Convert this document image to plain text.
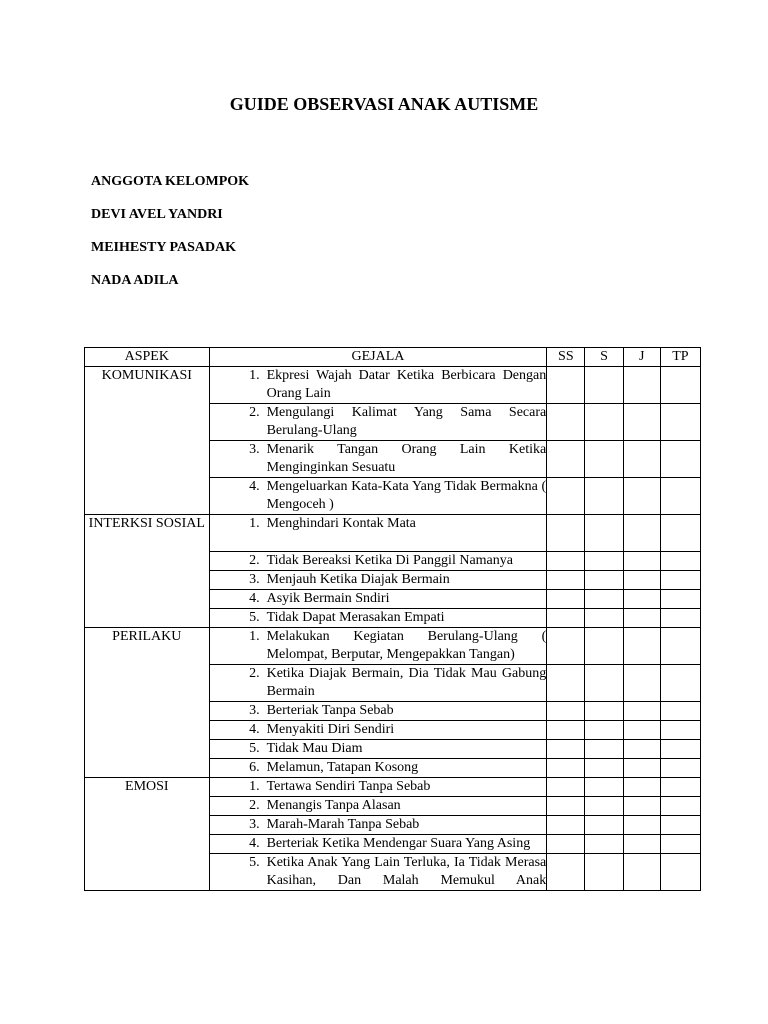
GUIDE OBSERVASI ANAK AUTISME
ANGGOTA KELOMPOK
DEVI AVEL YANDRI
MEIHESTY PASADAK
NADA ADILA
ASPEK	GEJALA	SS	S	J	TP
KOMUNIKASI	1. Ekpresi Wajah Datar Ketika Berbicara Dengan Orang Lain				

	2. Mengulangi Kalimat Yang Sama Secara Berulang-Ulang				

	3. Menarik Tangan Orang Lain Ketika Menginginkan Sesuatu				

	4. Mengeluarkan Kata-Kata Yang Tidak Bermakna ( Mengoceh )				

INTERKSI SOSIAL	1. Menghindari Kontak Mata				

	2. Tidak Bereaksi Ketika Di Panggil Namanya				

	3. Menjauh Ketika Diajak Bermain				

	4. Asyik Bermain Sndiri				

	5. Tidak Dapat Merasakan Empati				

PERILAKU	1. Melakukan Kegiatan Berulang-Ulang ( Melompat, Berputar, Mengepakkan Tangan)				

	2. Ketika Diajak Bermain, Dia Tidak Mau Gabung Bermain				

	3. Berteriak Tanpa Sebab				

	4. Menyakiti Diri Sendiri				

	5. Tidak Mau Diam				

	6. Melamun, Tatapan Kosong				

EMOSI	1. Tertawa Sendiri Tanpa Sebab				

	2. Menangis Tanpa Alasan				

	3. Marah-Marah Tanpa Sebab				

	4. Berteriak Ketika Mendengar Suara Yang Asing				

	5. Ketika Anak Yang Lain Terluka, Ia Tidak Merasa Kasihan, Dan Malah Memukul Anak				
